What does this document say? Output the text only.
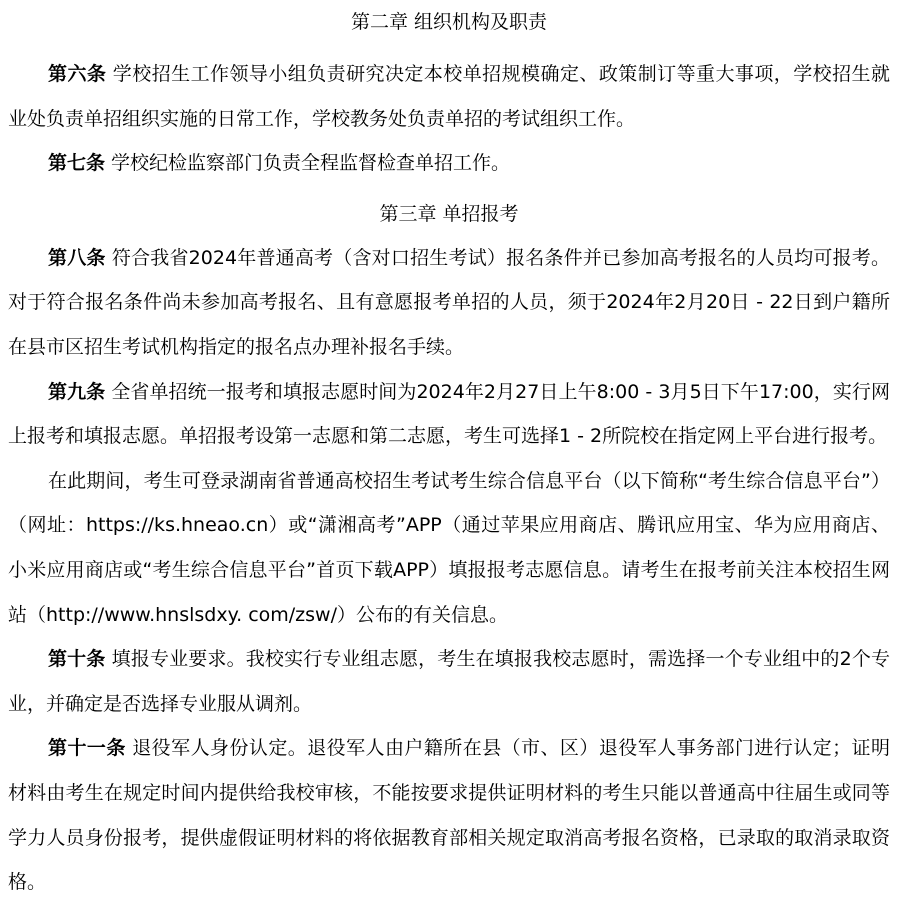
第二章 组织机构及职责

第六条 学校招生工作领导小组负责研究决定本校单招规模确定、政策制订等重大事项，学校招生就业处负责单招组织实施的日常工作，学校教务处负责单招的考试组织工作。

第七条 学校纪检监察部门负责全程监督检查单招工作。

第三章 单招报考

第八条 符合我省2024年普通高考（含对口招生考试）报名条件并已参加高考报名的人员均可报考。对于符合报名条件尚未参加高考报名、且有意愿报考单招的人员，须于2024年2月20日 - 22日到户籍所在县市区招生考试机构指定的报名点办理补报名手续。

第九条 全省单招统一报考和填报志愿时间为2024年2月27日上午8:00 - 3月5日下午17:00，实行网上报考和填报志愿。单招报考设第一志愿和第二志愿，考生可选择1 - 2所院校在指定网上平台进行报考。

在此期间，考生可登录湖南省普通高校招生考试考生综合信息平台（以下简称“考生综合信息平台”）（网址：https://ks.hneao.cn）或“潇湘高考”APP（通过苹果应用商店、腾讯应用宝、华为应用商店、小米应用商店或“考生综合信息平台”首页下载APP）填报报考志愿信息。请考生在报考前关注本校招生网站（http://www.hnslsdxy. com/zsw/）公布的有关信息。

第十条 填报专业要求。我校实行专业组志愿，考生在填报我校志愿时，需选择一个专业组中的2个专业，并确定是否选择专业服从调剂。

第十一条 退役军人身份认定。退役军人由户籍所在县（市、区）退役军人事务部门进行认定；证明材料由考生在规定时间内提供给我校审核，不能按要求提供证明材料的考生只能以普通高中往届生或同等学力人员身份报考，提供虚假证明材料的将依据教育部相关规定取消高考报名资格，已录取的取消录取资格。
